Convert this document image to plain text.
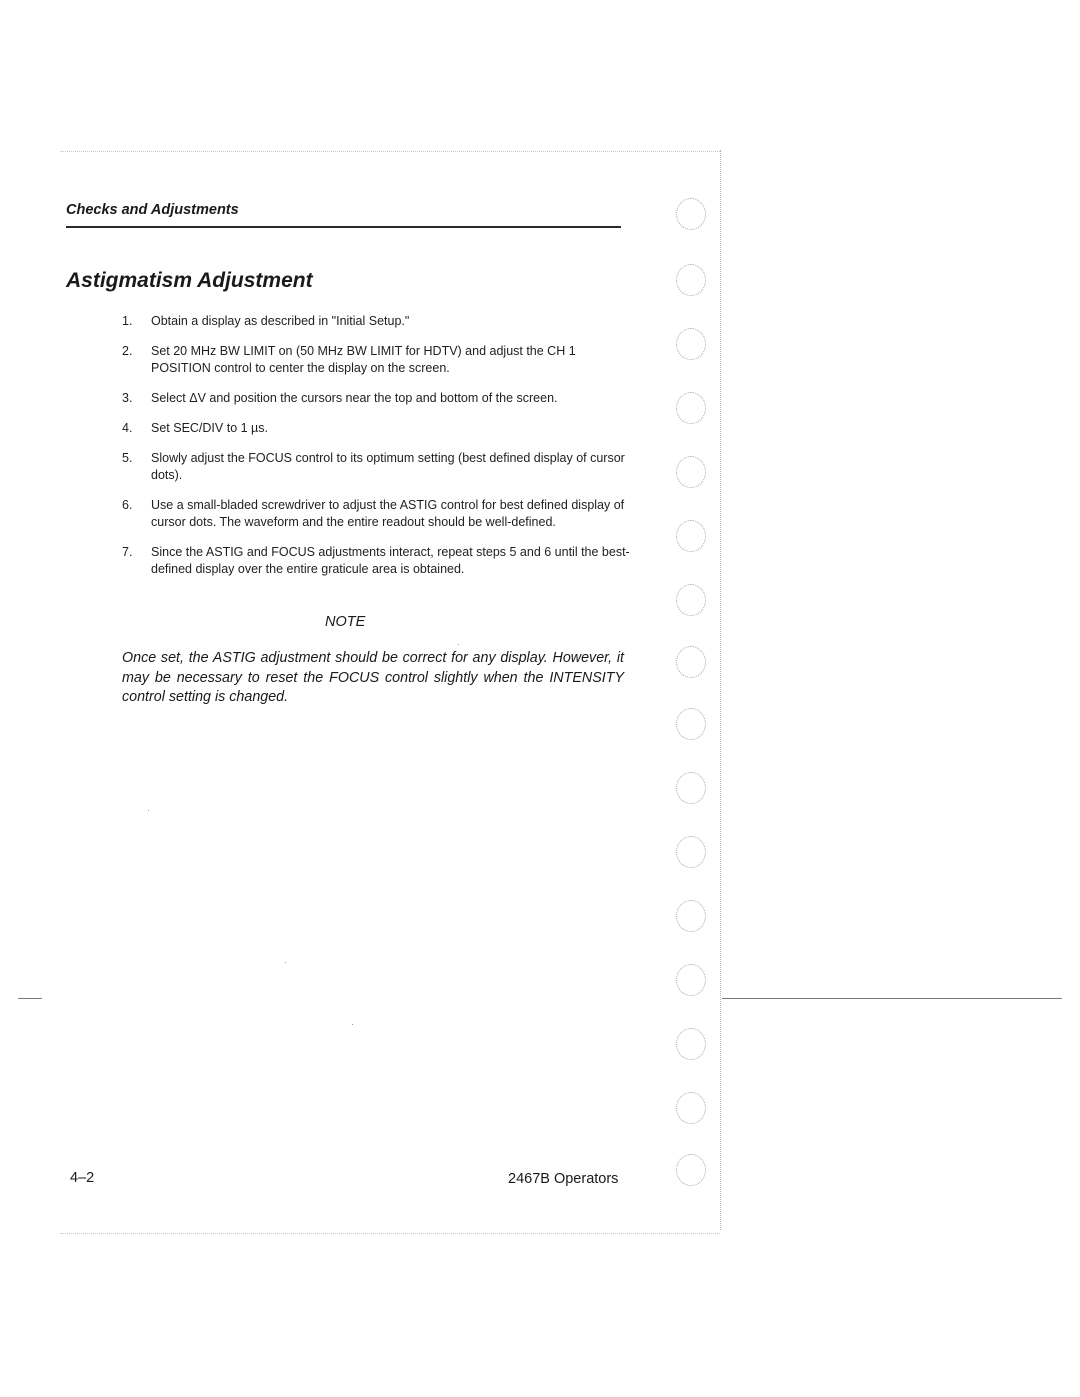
Checks and Adjustments
Astigmatism Adjustment
1. Obtain a display as described in "Initial Setup."
2. Set 20 MHz BW LIMIT on (50 MHz BW LIMIT for HDTV) and adjust the CH 1 POSITION control to center the display on the screen.
3. Select ΔV and position the cursors near the top and bottom of the screen.
4. Set SEC/DIV to 1 µs.
5. Slowly adjust the FOCUS control to its optimum setting (best defined display of cursor dots).
6. Use a small-bladed screwdriver to adjust the ASTIG control for best defined display of cursor dots. The waveform and the entire readout should be well-defined.
7. Since the ASTIG and FOCUS adjustments interact, repeat steps 5 and 6 until the best-defined display over the entire graticule area is obtained.
NOTE
Once set, the ASTIG adjustment should be correct for any display. However, it may be necessary to reset the FOCUS control slightly when the INTENSITY control setting is changed.
4–2	2467B Operators
